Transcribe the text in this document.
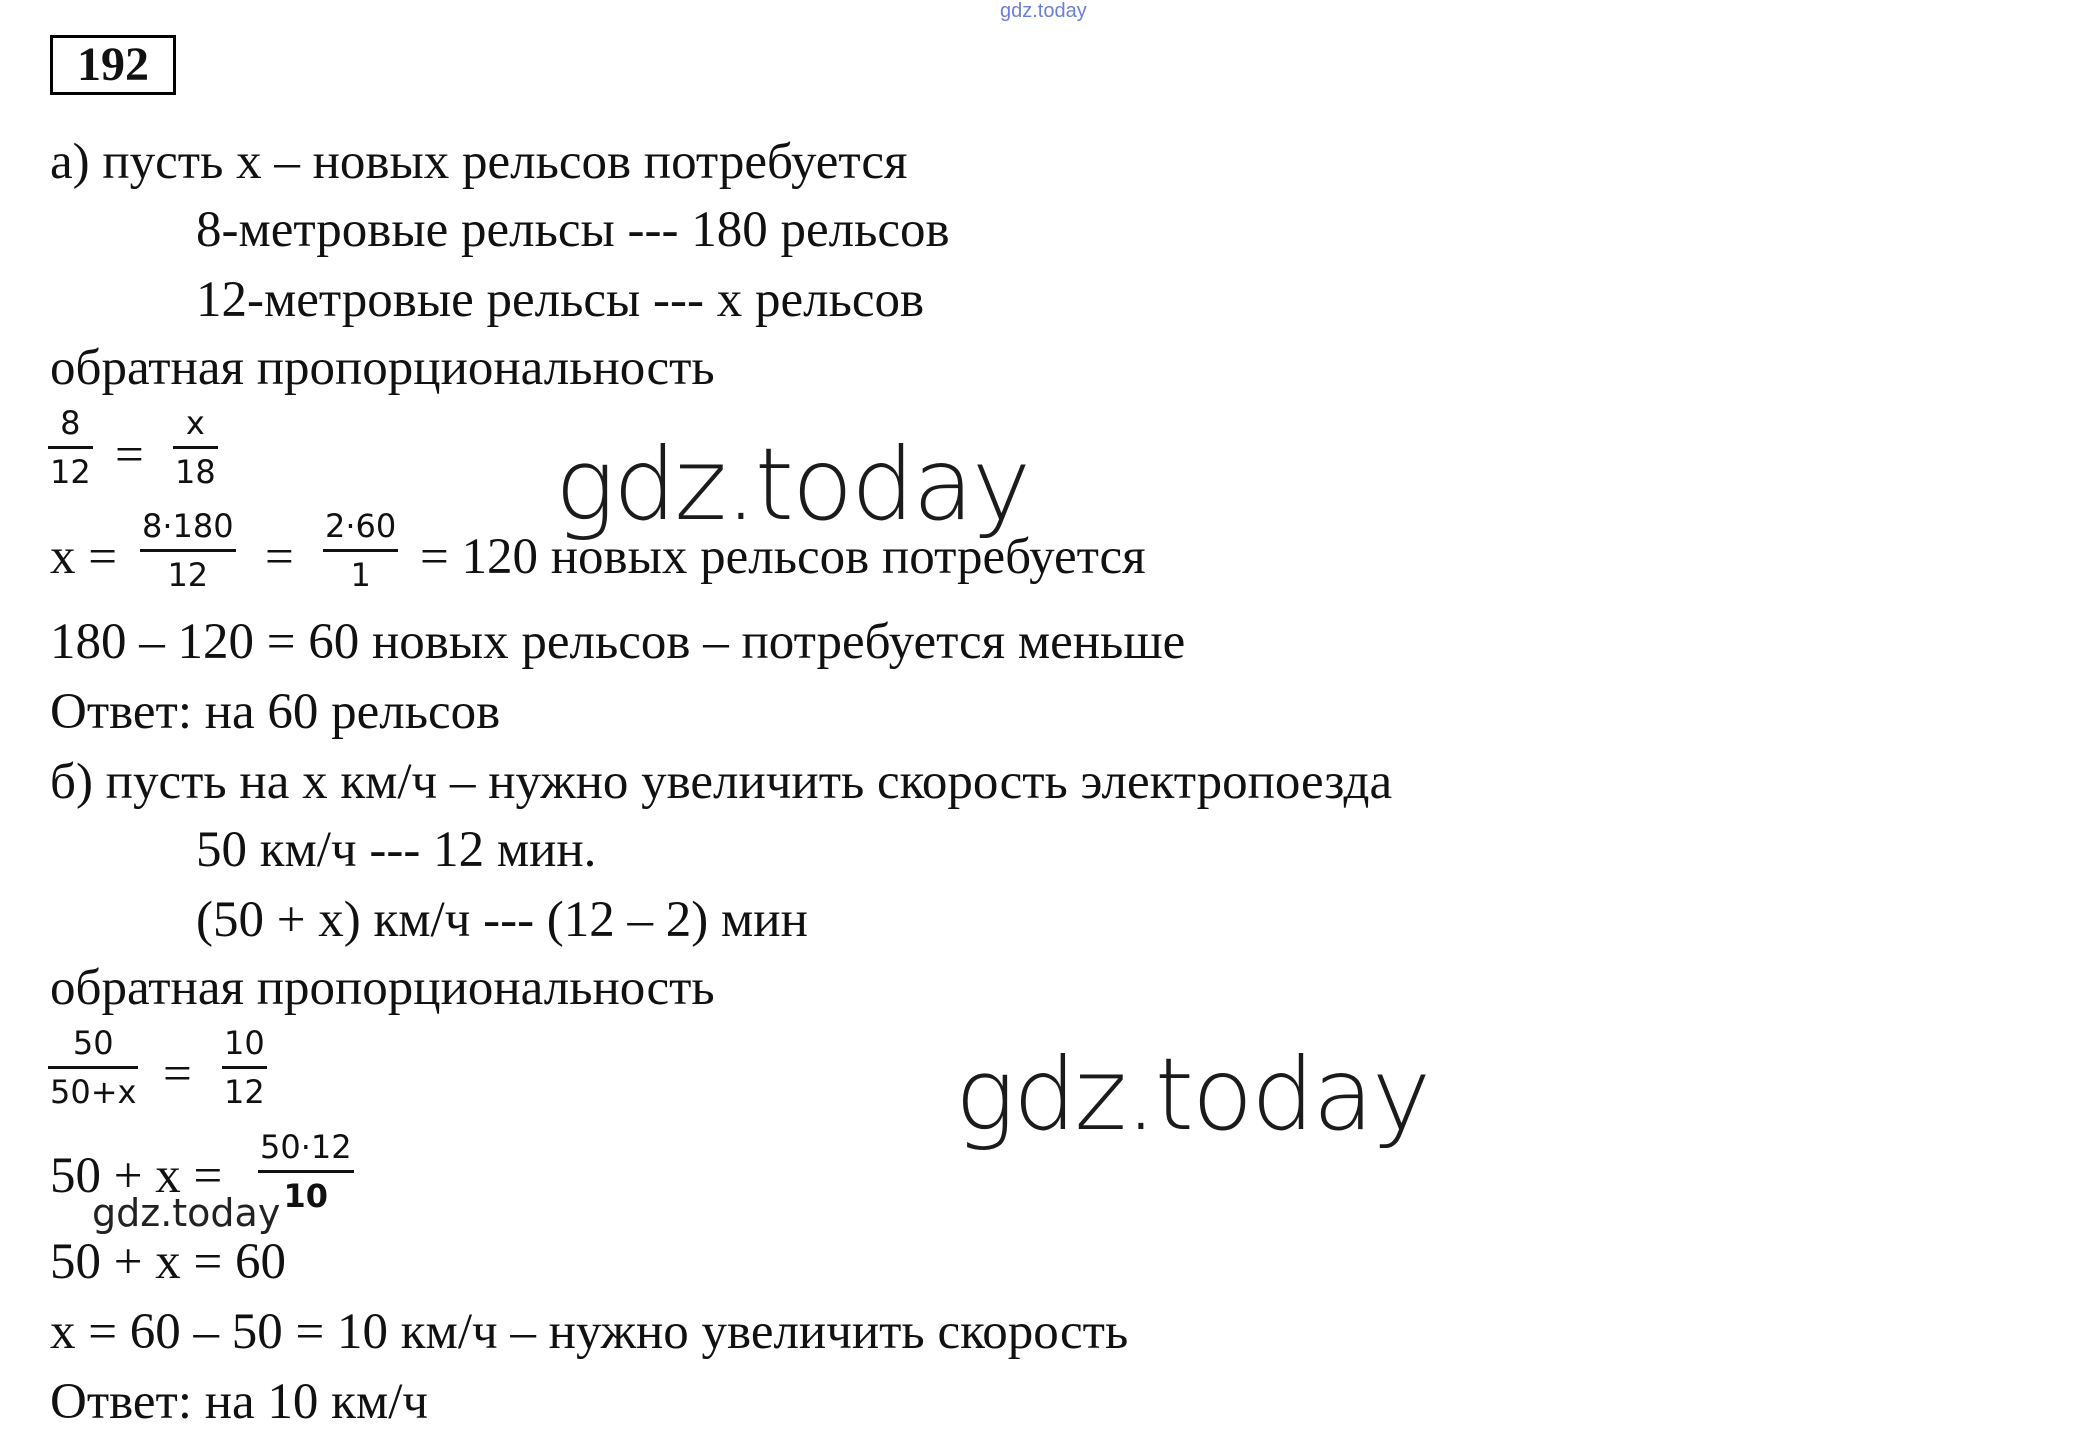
gdz.today
192
а) пусть х – новых рельсов потребуется
8-метровые рельсы --- 180 рельсов
12-метровые рельсы --- х рельсов
обратная пропорциональность
8
12 =
х
18	gdz.today
х =
8·180
12 =
2·60
1 = 120 новых рельсов потребуется
180 – 120 = 60 новых рельсов – потребуется меньше
Ответ: на 60 рельсов
б) пусть на х км/ч – нужно увеличить скорость электропоезда
50 км/ч --- 12 мин.
(50 + х) км/ч --- (12 – 2) мин
обратная пропорциональность
50
50+x =
10
12	gdz.today
50 + х =
50·12
10
gdz.today
50 + х = 60
х = 60 – 50 = 10 км/ч – нужно увеличить скорость
Ответ: на 10 км/ч
